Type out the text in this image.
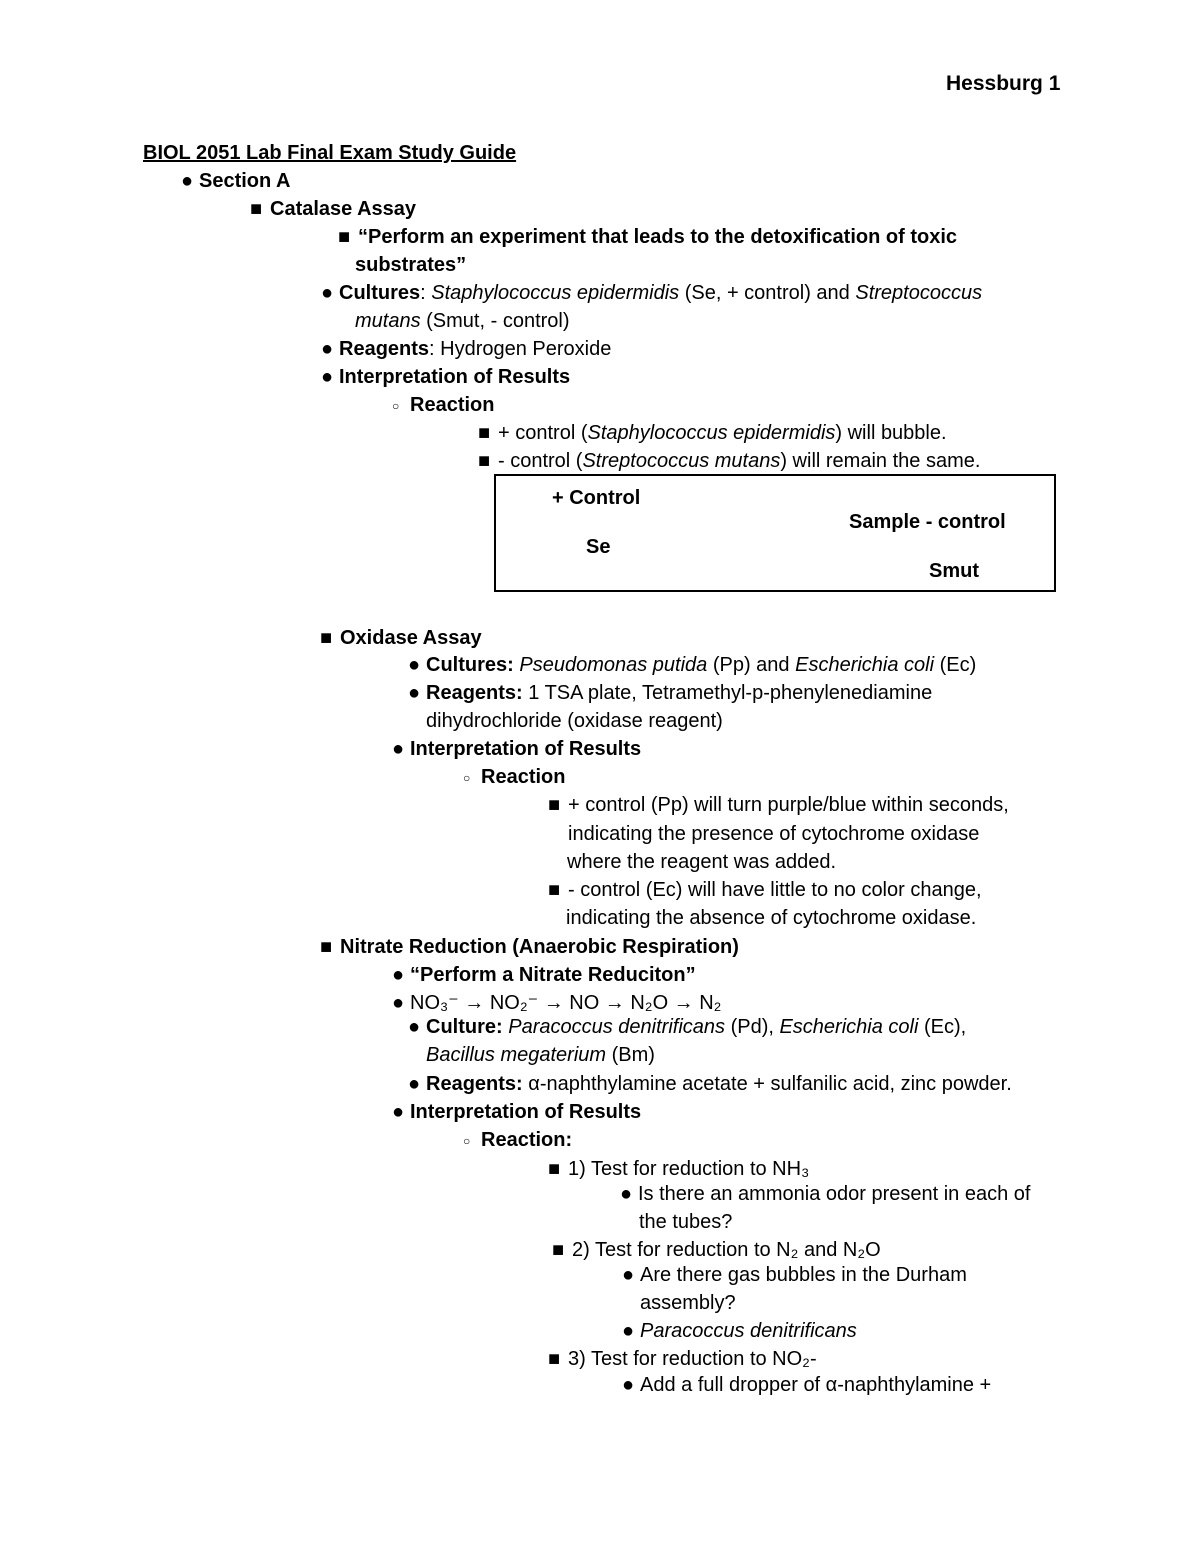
Hessburg 1
BIOL 2051 Lab Final Exam Study Guide
● Section A
■ Catalase Assay
■ “Perform an experiment that leads to the detoxification of toxic
substrates”
● Cultures: Staphylococcus epidermidis (Se, + control) and Streptococcus
mutans (Smut, - control)
● Reagents: Hydrogen Peroxide
● Interpretation of Results
○ Reaction
■ + control (Staphylococcus epidermidis) will bubble.
■ - control (Streptococcus mutans) will remain the same.
+ Control
Se
Sample - control
Smut
■ Oxidase Assay
● Cultures: Pseudomonas putida (Pp) and Escherichia coli (Ec)
● Reagents: 1 TSA plate, Tetramethyl-p-phenylenediamine
dihydrochloride (oxidase reagent)
● Interpretation of Results
○ Reaction
■ + control (Pp) will turn purple/blue within seconds,
indicating the presence of cytochrome oxidase
where the reagent was added.
■ - control (Ec) will have little to no color change,
indicating the absence of cytochrome oxidase.
■ Nitrate Reduction (Anaerobic Respiration)
● “Perform a Nitrate Reduciton”
● NO₃⁻ → NO₂⁻ → NO → N₂O → N₂
● Culture: Paracoccus denitrificans (Pd), Escherichia coli (Ec),
Bacillus megaterium (Bm)
● Reagents: α-naphthylamine acetate + sulfanilic acid, zinc powder.
● Interpretation of Results
○ Reaction:
■ 1) Test for reduction to NH₃
● Is there an ammonia odor present in each of
the tubes?
■ 2) Test for reduction to N₂ and N₂O
● Are there gas bubbles in the Durham
assembly?
● Paracoccus denitrificans
■ 3) Test for reduction to NO₂-
● Add a full dropper of α-naphthylamine +
